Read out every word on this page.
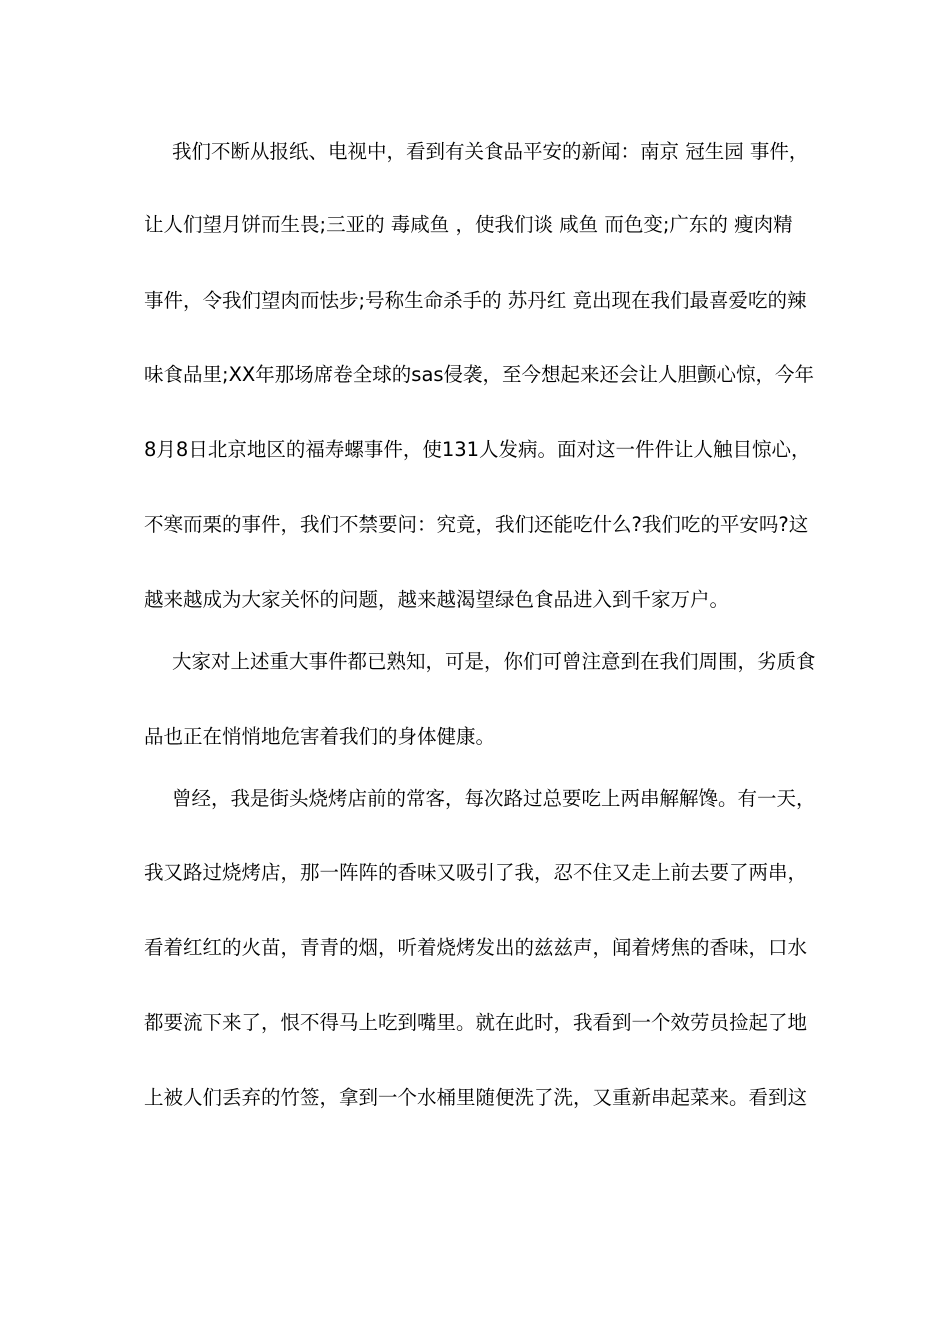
我们不断从报纸、电视中，看到有关食品平安的新闻：南京 冠生园 事件，
让人们望月饼而生畏;三亚的 毒咸鱼 ，使我们谈 咸鱼 而色变;广东的 瘦肉精
事件，令我们望肉而怯步;号称生命杀手的 苏丹红 竟出现在我们最喜爱吃的辣
味食品里;XX年那场席卷全球的sas侵袭，至今想起来还会让人胆颤心惊，今年
8月8日北京地区的福寿螺事件，使131人发病。面对这一件件让人触目惊心，
不寒而栗的事件，我们不禁要问：究竟，我们还能吃什么?我们吃的平安吗?这
越来越成为大家关怀的问题，越来越渴望绿色食品进入到千家万户。
大家对上述重大事件都已熟知，可是，你们可曾注意到在我们周围，劣质食
品也正在悄悄地危害着我们的身体健康。
曾经，我是街头烧烤店前的常客，每次路过总要吃上两串解解馋。有一天，
我又路过烧烤店，那一阵阵的香味又吸引了我，忍不住又走上前去要了两串，
看着红红的火苗，青青的烟，听着烧烤发出的兹兹声，闻着烤焦的香味，口水
都要流下来了，恨不得马上吃到嘴里。就在此时，我看到一个效劳员捡起了地
上被人们丢弃的竹签，拿到一个水桶里随便洗了洗，又重新串起菜来。看到这
